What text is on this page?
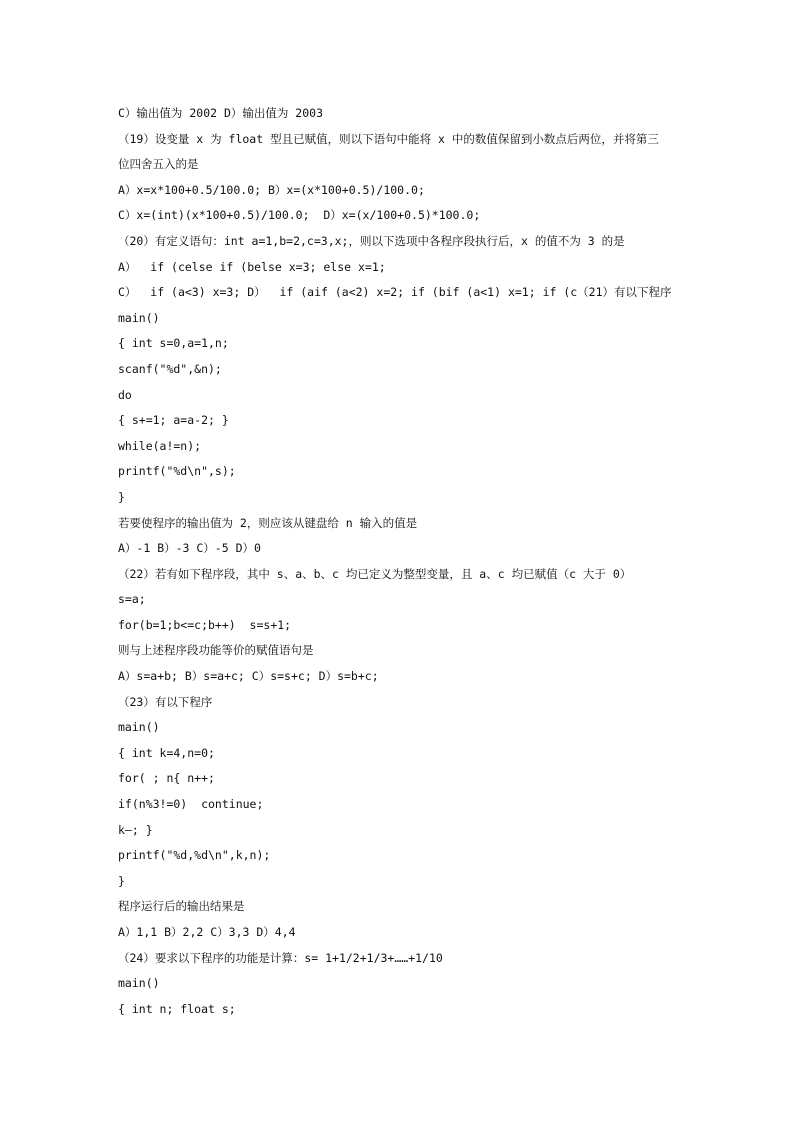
C）输出值为 2002 D）输出值为 2003
（19）设变量 x 为 float 型且已赋值，则以下语句中能将 x 中的数值保留到小数点后两位，并将第三
位四舍五入的是
A）x=x*100+0.5/100.0; B）x=(x*100+0.5)/100.0;
C）x=(int)(x*100+0.5)/100.0;  D）x=(x/100+0.5)*100.0;
（20）有定义语句：int a=1,b=2,c=3,x;，则以下选项中各程序段执行后，x 的值不为 3 的是
A）  if (celse if (belse x=3; else x=1;
C）  if (a<3) x=3; D）  if (aif (a<2) x=2; if (bif (a<1) x=1; if (c（21）有以下程序
main()
{ int s=0,a=1,n;
scanf("%d",&n);
do
{ s+=1; a=a-2; }
while(a!=n);
printf("%d\n",s);
}
若要使程序的输出值为 2，则应该从键盘给 n 输入的值是
A）-1 B）-3 C）-5 D）0
（22）若有如下程序段，其中 s、a、b、c 均已定义为整型变量，且 a、c 均已赋值（c 大于 0）
s=a;
for(b=1;b<=c;b++)  s=s+1;
则与上述程序段功能等价的赋值语句是
A）s=a+b; B）s=a+c; C）s=s+c; D）s=b+c;
（23）有以下程序
main()
{ int k=4,n=0;
for( ; n{ n++;
if(n%3!=0)  continue;
k—; }
printf("%d,%d\n",k,n);
}
程序运行后的输出结果是
A）1,1 B）2,2 C）3,3 D）4,4
（24）要求以下程序的功能是计算：s= 1+1/2+1/3+……+1/10
main()
{ int n; float s;
